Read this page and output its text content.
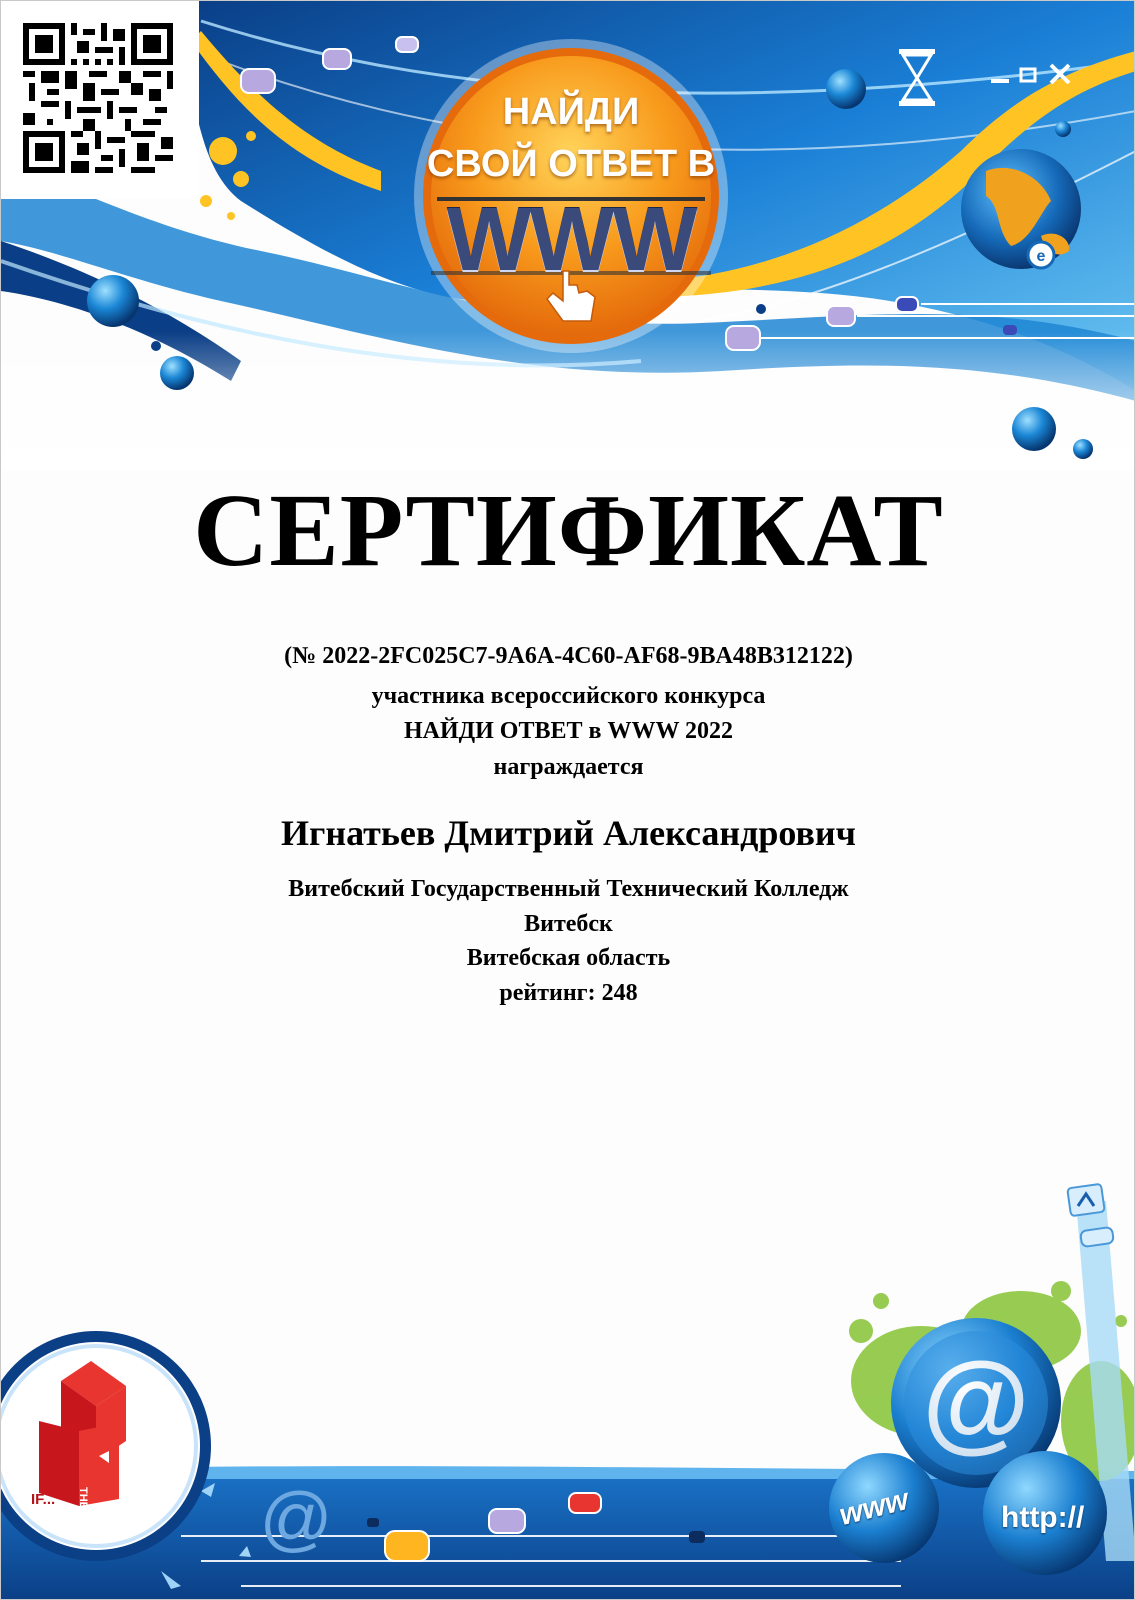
e
НАЙДИ
СВОЙ ОТВЕТ В
WWW
@
@
IF... THEN	www	http://
СЕРТИФИКАТ
(№ 2022-2FC025C7-9A6A-4C60-AF68-9BA48B312122)
участника всероссийского конкурса
НАЙДИ ОТВЕТ в WWW 2022
награждается
Игнатьев Дмитрий Александрович
Витебский Государственный Технический Колледж
Витебск
Витебская область
рейтинг: 248
